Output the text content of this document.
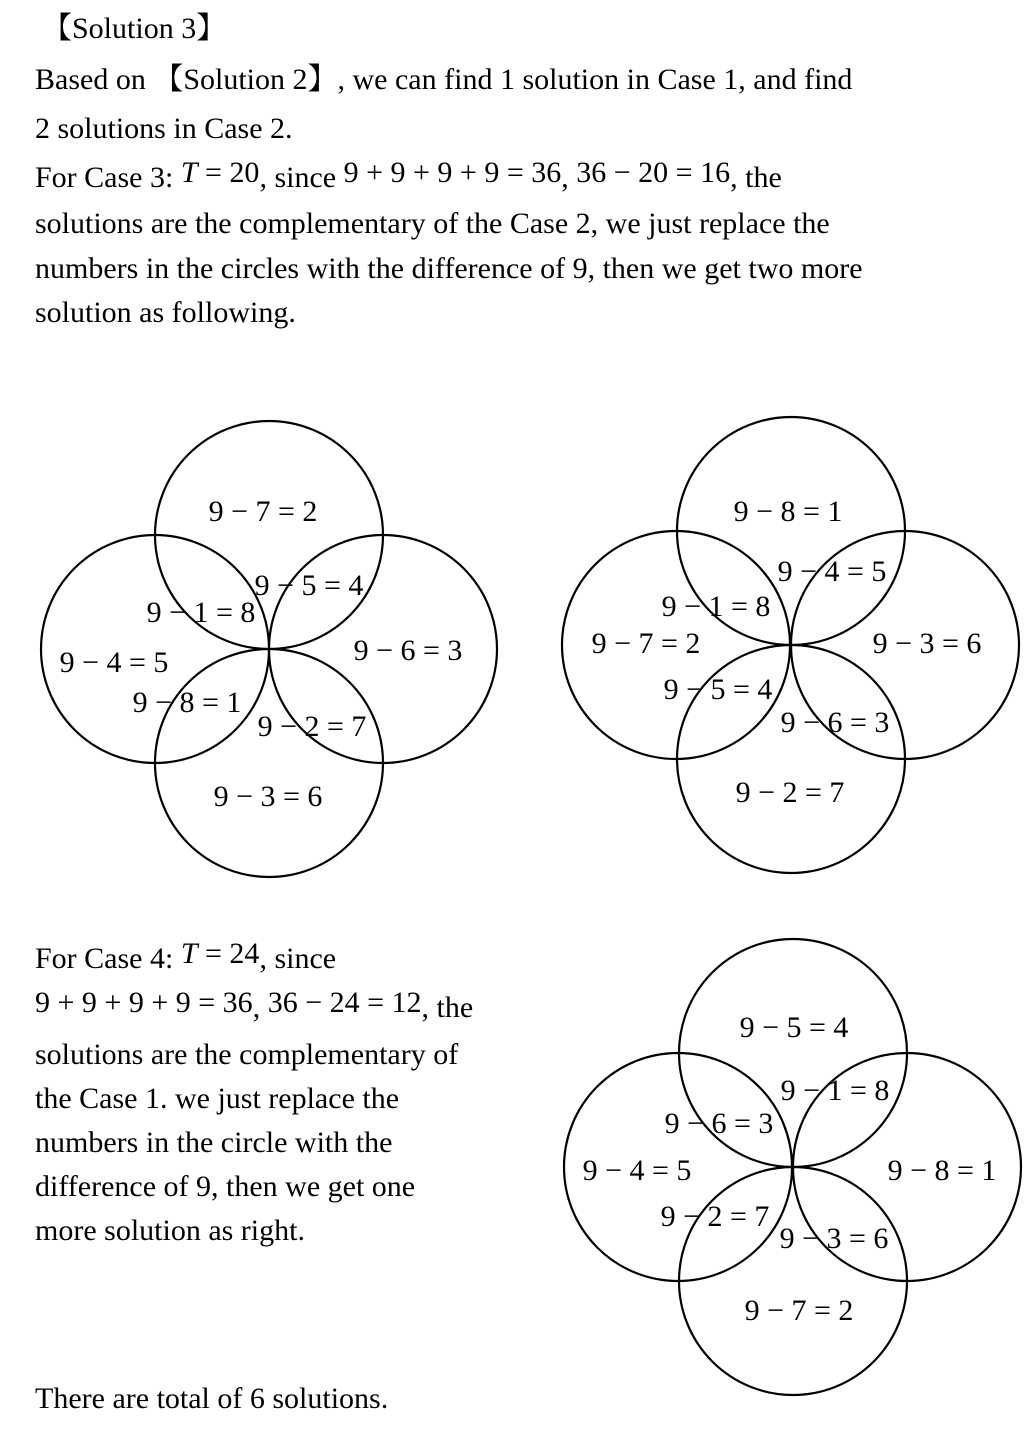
【Solution 3】
Based on 【Solution 2】, we can find 1 solution in Case 1, and find
2 solutions in Case 2.
For Case 3: T = 20, since 9 + 9 + 9 + 9 = 36, 36 − 20 = 16, the
solutions are the complementary of the Case 2, we just replace the
numbers in the circles with the difference of 9, then we get two more
solution as following.
For Case 4: T = 24, since
9 + 9 + 9 + 9 = 36, 36 − 24 = 12, the
solutions are the complementary of
the Case 1. we just replace the
numbers in the circle with the
difference of 9, then we get one
more solution as right.
There are total of 6 solutions.
9 − 7 = 2
9 − 4 = 5	9 − 6 = 3
9 − 3 = 6
9 − 1 = 8
9 − 5 = 4
9 − 8 = 1
9 − 2 = 7
9 − 8 = 1
9 − 7 = 2	9 − 3 = 6
9 − 2 = 7
9 − 1 = 8
9 − 4 = 5
9 − 5 = 4
9 − 6 = 3
9 − 5 = 4
9 − 4 = 5	9 − 8 = 1
9 − 7 = 2
9 − 6 = 3
9 − 1 = 8
9 − 2 = 7
9 − 3 = 6
